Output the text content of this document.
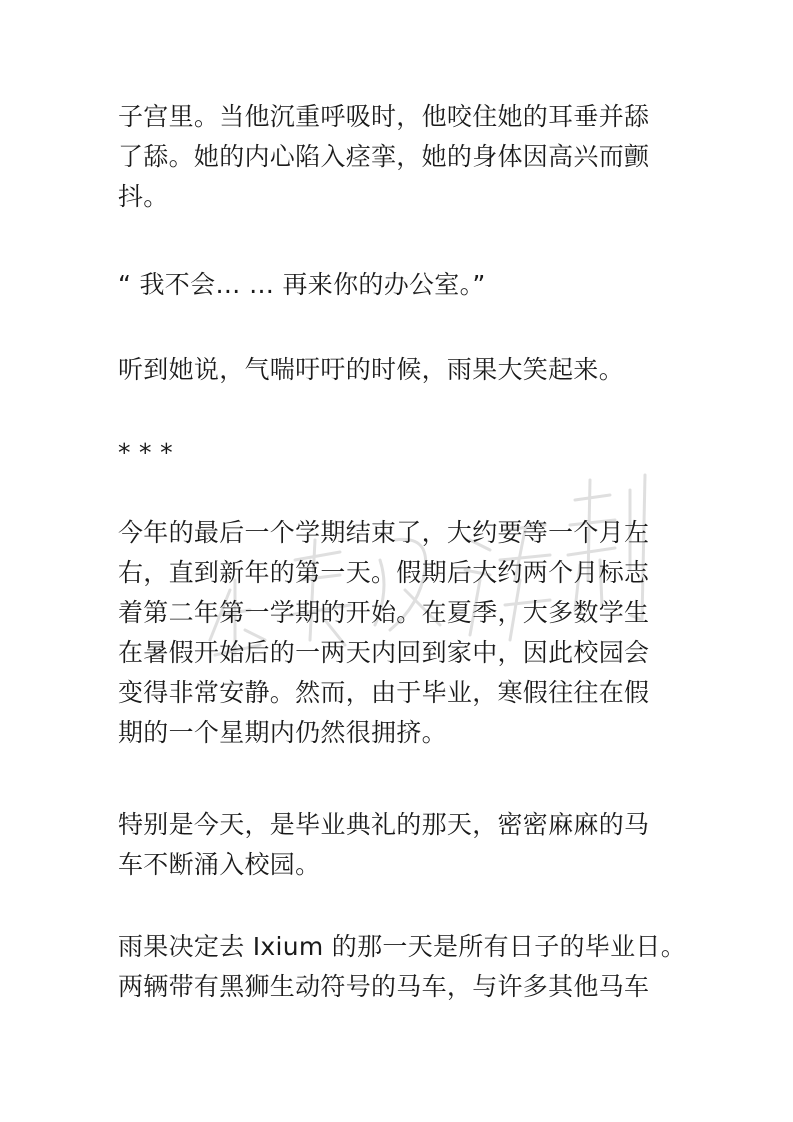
子宫里。当他沉重呼吸时，他咬住她的耳垂并舔
了舔。她的内心陷入痉挛，她的身体因高兴而颤
抖。
“ 我不会… … 再来你的办公室。”
听到她说，气喘吁吁的时候，雨果大笑起来。
* * *
今年的最后一个学期结束了，大约要等一个月左
右，直到新年的第一天。假期后大约两个月标志
着第二年第一学期的开始。在夏季，大多数学生
在暑假开始后的一两天内回到家中，因此校园会
变得非常安静。然而，由于毕业，寒假往往在假
期的一个星期内仍然很拥挤。
特别是今天，是毕业典礼的那天，密密麻麻的马
车不断涌入校园。
雨果决定去 Ixium 的那一天是所有日子的毕业日。
两辆带有黑狮生动符号的马车，与许多其他马车
